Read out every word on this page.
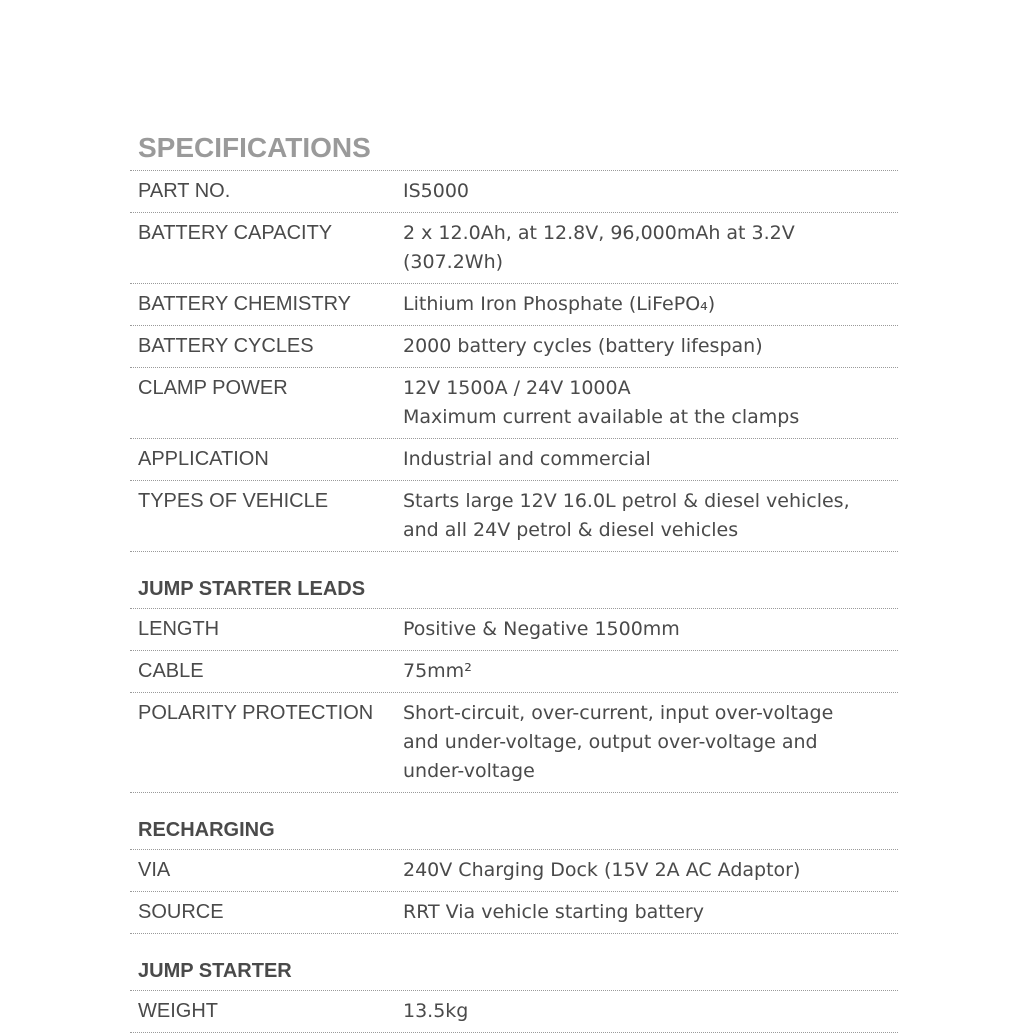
SPECIFICATIONS
PART NO.	IS5000
BATTERY CAPACITY	2 x 12.0Ah, at 12.8V, 96,000mAh at 3.2V (307.2Wh)
BATTERY CHEMISTRY	Lithium Iron Phosphate (LiFePO₄)
BATTERY CYCLES	2000 battery cycles (battery lifespan)
CLAMP POWER	12V 1500A / 24V 1000A
Maximum current available at the clamps
APPLICATION	Industrial and commercial
TYPES OF VEHICLE	Starts large 12V 16.0L petrol & diesel vehicles,
and all 24V petrol & diesel vehicles
JUMP STARTER LEADS
LENGTH	Positive & Negative 1500mm
CABLE	75mm²
POLARITY PROTECTION	Short-circuit, over-current, input over-voltage
and under-voltage, output over-voltage and
under-voltage
RECHARGING
VIA	240V Charging Dock (15V 2A AC Adaptor)
SOURCE	RRT Via vehicle starting battery
JUMP STARTER
WEIGHT	13.5kg
